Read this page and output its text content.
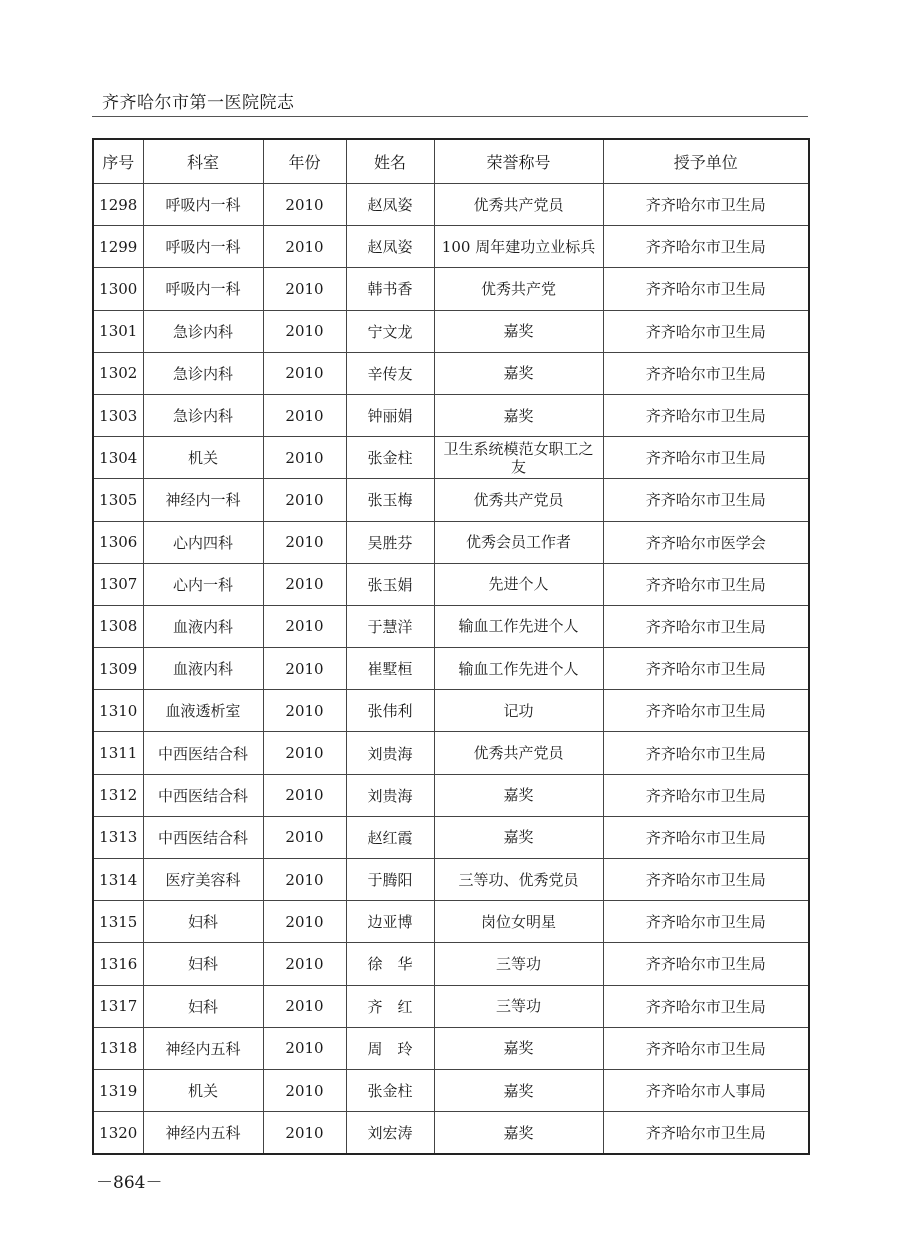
齐齐哈尔市第一医院院志
序号	科室	年份	姓名	荣誉称号	授予单位
1298	呼吸内一科	2010	赵凤姿	优秀共产党员	齐齐哈尔市卫生局
1299	呼吸内一科	2010	赵凤姿	100 周年建功立业标兵	齐齐哈尔市卫生局
1300	呼吸内一科	2010	韩书香	优秀共产党	齐齐哈尔市卫生局
1301	急诊内科	2010	宁文龙	嘉奖	齐齐哈尔市卫生局
1302	急诊内科	2010	辛传友	嘉奖	齐齐哈尔市卫生局
1303	急诊内科	2010	钟丽娟	嘉奖	齐齐哈尔市卫生局
1304	机关	2010	张金柱	卫生系统模范女职工之友	齐齐哈尔市卫生局
1305	神经内一科	2010	张玉梅	优秀共产党员	齐齐哈尔市卫生局
1306	心内四科	2010	吴胜芬	优秀会员工作者	齐齐哈尔市医学会
1307	心内一科	2010	张玉娟	先进个人	齐齐哈尔市卫生局
1308	血液内科	2010	于慧洋	输血工作先进个人	齐齐哈尔市卫生局
1309	血液内科	2010	崔墅桓	输血工作先进个人	齐齐哈尔市卫生局
1310	血液透析室	2010	张伟利	记功	齐齐哈尔市卫生局
1311	中西医结合科	2010	刘贵海	优秀共产党员	齐齐哈尔市卫生局
1312	中西医结合科	2010	刘贵海	嘉奖	齐齐哈尔市卫生局
1313	中西医结合科	2010	赵红霞	嘉奖	齐齐哈尔市卫生局
1314	医疗美容科	2010	于腾阳	三等功、优秀党员	齐齐哈尔市卫生局
1315	妇科	2010	边亚博	岗位女明星	齐齐哈尔市卫生局
1316	妇科	2010	徐　华	三等功	齐齐哈尔市卫生局
1317	妇科	2010	齐　红	三等功	齐齐哈尔市卫生局
1318	神经内五科	2010	周　玲	嘉奖	齐齐哈尔市卫生局
1319	机关	2010	张金柱	嘉奖	齐齐哈尔市人事局
1320	神经内五科	2010	刘宏涛	嘉奖	齐齐哈尔市卫生局
－864－
